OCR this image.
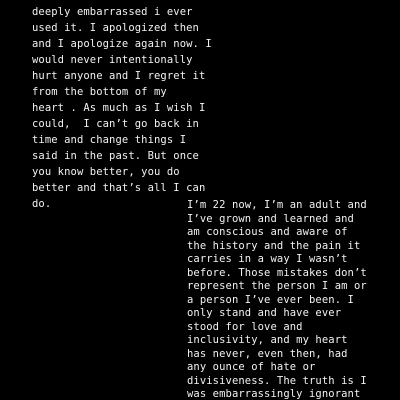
deeply embarrassed i ever
used it. I apologized then
and I apologize again now. I
would never intentionally
hurt anyone and I regret it
from the bottom of my
heart . As much as I wish I
could,  I can’t go back in
time and change things I
said in the past. But once
you know better, you do
better and that’s all I can
do.	I’m 22 now, I’m an adult and
I’ve grown and learned and
am conscious and aware of
the history and the pain it
carries in a way I wasn’t
before. Those mistakes don’t
represent the person I am or
a person I’ve ever been. I
only stand and have ever
stood for love and
inclusivity, and my heart
has never, even then, had
any ounce of hate or
divisiveness. The truth is I
was embarrassingly ignorant
